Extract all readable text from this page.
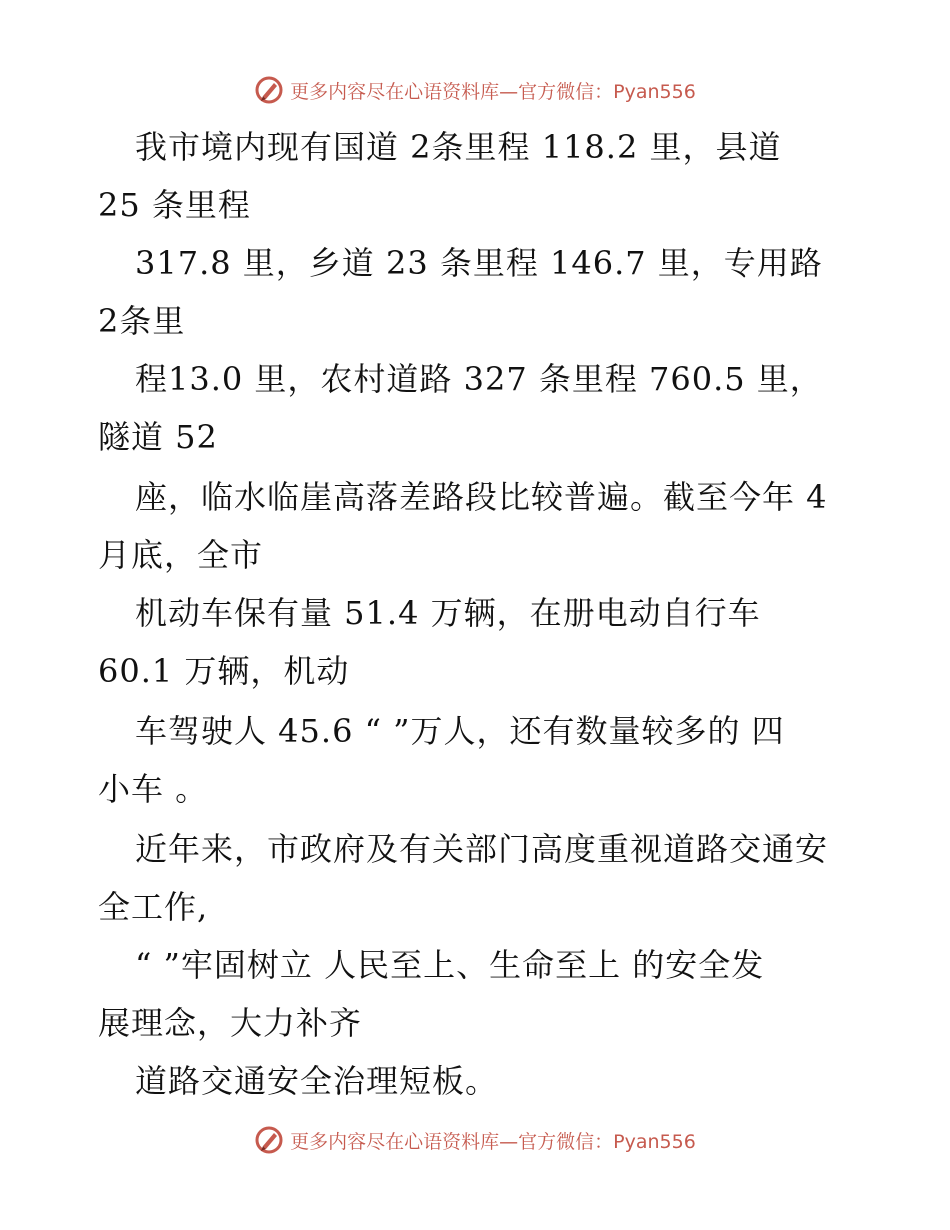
更多内容尽在心语资料库—官方微信：Pyan556
我市境内现有国道 2条里程 118.2 里，县道
25 条里程
317.8 里，乡道 23 条里程 146.7 里，专用路
2条里
程13.0 里，农村道路 327 条里程 760.5 里，
隧道 52
座，临水临崖高落差路段比较普遍。截至今年 4
月底，全市
机动车保有量 51.4 万辆，在册电动自行车
60.1 万辆，机动
车驾驶人 45.6 “ ”万人，还有数量较多的 四
小车 。
近年来，市政府及有关部门高度重视道路交通安
全工作,
“ ”牢固树立 人民至上、生命至上 的安全发
展理念，大力补齐
道路交通安全治理短板。
更多内容尽在心语资料库—官方微信：Pyan556
